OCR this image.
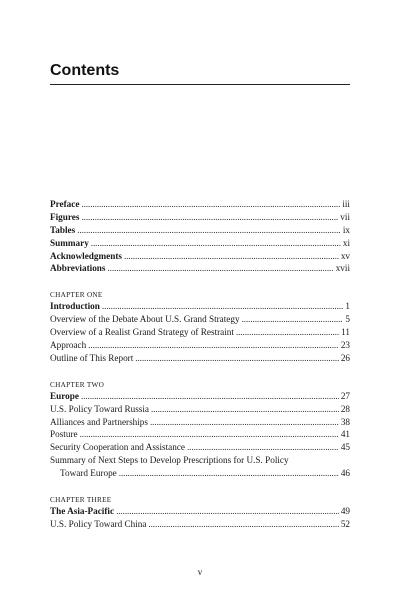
Contents
Preface . . .	iii
Figures . . .	vii
Tables . . .	ix
Summary . . .	xi
Acknowledgments . . .	xv
Abbreviations . . .	xvii
CHAPTER ONE
Introduction . . .	1
Overview of the Debate About U.S. Grand Strategy . . .	5
Overview of a Realist Grand Strategy of Restraint . . .	11
Approach . . .	23
Outline of This Report . . .	26
CHAPTER TWO
Europe . . .	27
U.S. Policy Toward Russia . . .	28
Alliances and Partnerships . . .	38
Posture . . .	41
Security Cooperation and Assistance . . .	45
Summary of Next Steps to Develop Prescriptions for U.S. Policy
Toward Europe . . .	46
CHAPTER THREE
The Asia-Pacific . . .	49
U.S. Policy Toward China . . .	52
v
